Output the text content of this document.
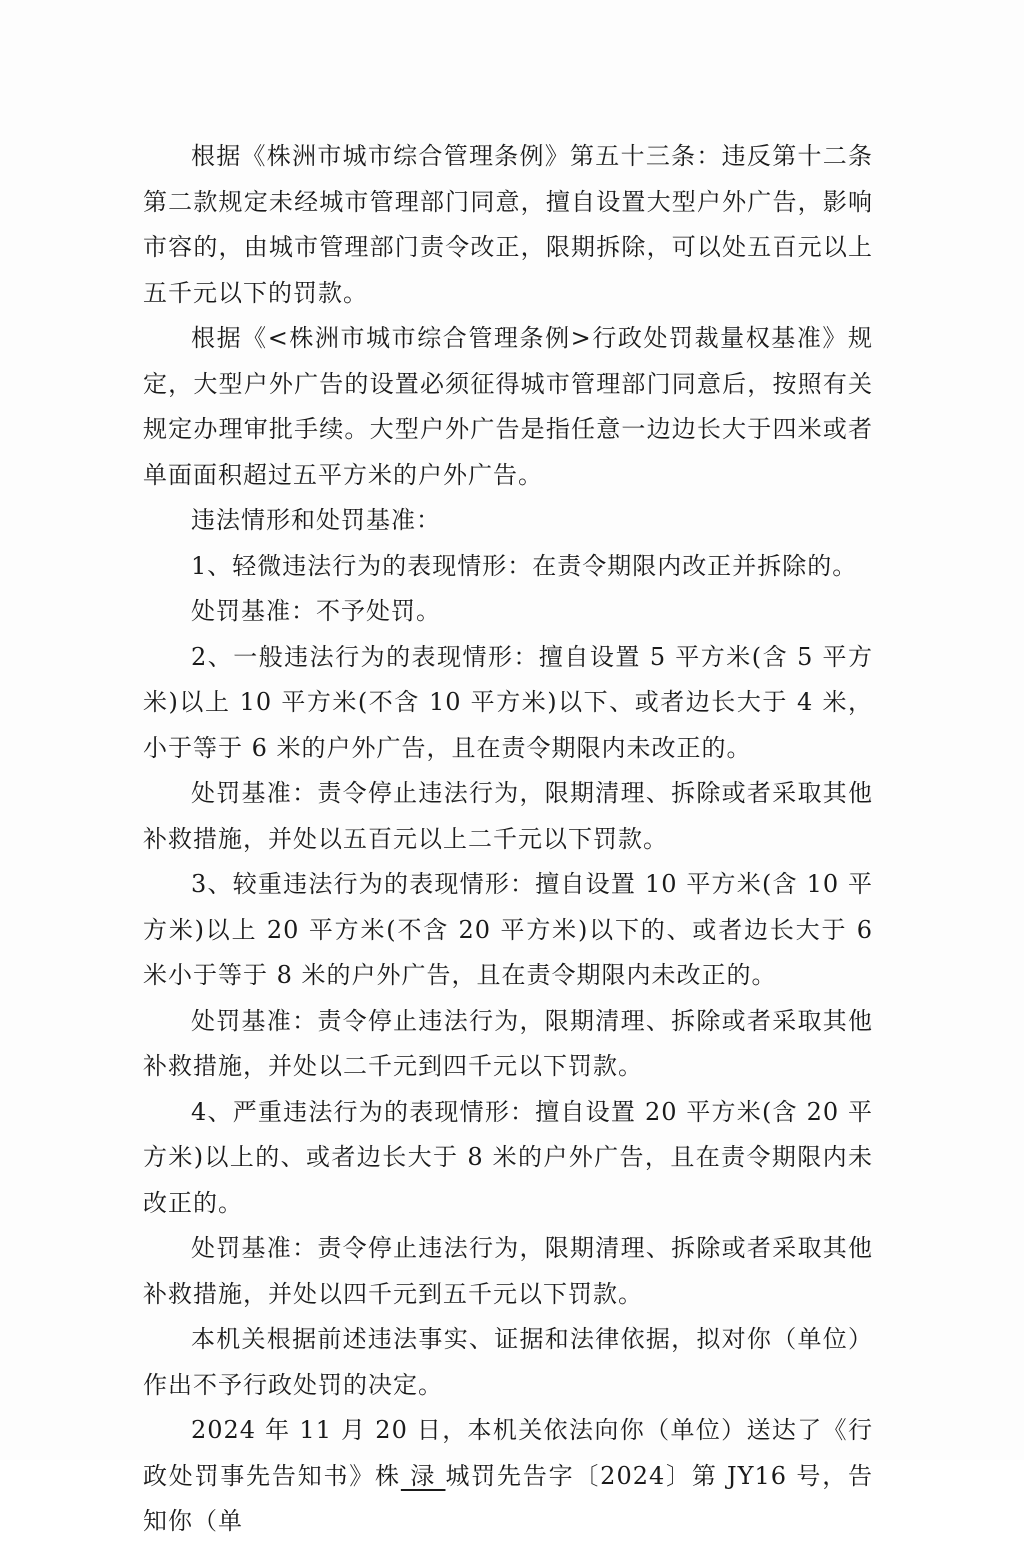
根据《株洲市城市综合管理条例》第五十三条：违反第十二条第二款规定未经城市管理部门同意，擅自设置大型户外广告，影响市容的，由城市管理部门责令改正，限期拆除，可以处五百元以上五千元以下的罚款。

根据《<株洲市城市综合管理条例>行政处罚裁量权基准》规定，大型户外广告的设置必须征得城市管理部门同意后，按照有关规定办理审批手续。大型户外广告是指任意一边边长大于四米或者单面面积超过五平方米的户外广告。

违法情形和处罚基准：

1、轻微违法行为的表现情形：在责令期限内改正并拆除的。

处罚基准：不予处罚。

2、一般违法行为的表现情形：擅自设置 5 平方米(含 5 平方米)以上 10 平方米(不含 10 平方米)以下、或者边长大于 4 米，小于等于 6 米的户外广告，且在责令期限内未改正的。

处罚基准：责令停止违法行为，限期清理、拆除或者采取其他补救措施，并处以五百元以上二千元以下罚款。

3、较重违法行为的表现情形：擅自设置 10 平方米(含 10 平方米)以上 20 平方米(不含 20 平方米)以下的、或者边长大于 6 米小于等于 8 米的户外广告，且在责令期限内未改正的。

处罚基准：责令停止违法行为，限期清理、拆除或者采取其他补救措施，并处以二千元到四千元以下罚款。

4、严重违法行为的表现情形：擅自设置 20 平方米(含 20 平方米)以上的、或者边长大于 8 米的户外广告，且在责令期限内未改正的。

处罚基准：责令停止违法行为，限期清理、拆除或者采取其他补救措施，并处以四千元到五千元以下罚款。

本机关根据前述违法事实、证据和法律依据，拟对你（单位）作出不予行政处罚的决定。

2024 年 11 月 20 日，本机关依法向你（单位）送达了《行政处罚事先告知书》株 渌 城罚先告字〔2024〕第 JY16 号，告知你（单
